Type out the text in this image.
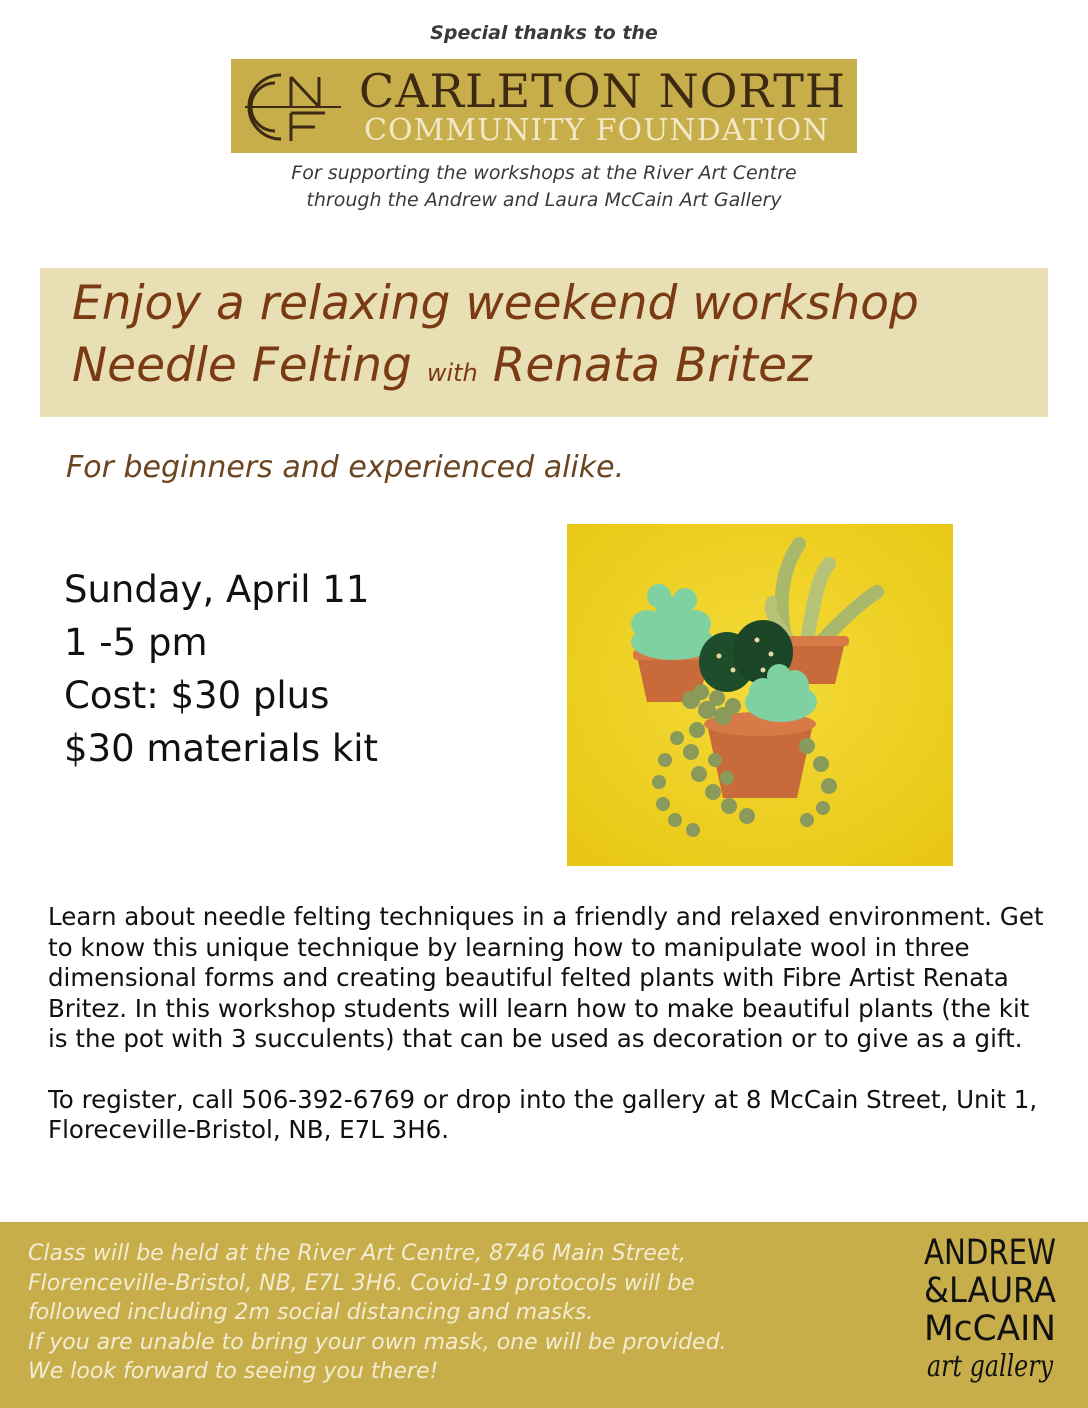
Special thanks to the
CARLETON NORTH
COMMUNITY FOUNDATION
For supporting the workshops at the River Art Centre
through the Andrew and Laura McCain Art Gallery
Enjoy a relaxing weekend workshop
Needle Felting with Renata Britez
For beginners and experienced alike.
Sunday, April 11
1 -5 pm
Cost: $30 plus
$30 materials kit

Learn about needle felting techniques in a friendly and relaxed environment. Get to know this unique technique by learning how to manipulate wool in three dimensional forms and creating beautiful felted plants with Fibre Artist Renata Britez. In this workshop students will learn how to make beautiful plants (the kit is the pot with 3 succulents) that can be used as decoration or to give as a gift.

To register, call 506-392-6769 or drop into the gallery at 8 McCain Street, Unit 1, Floreceville-Bristol, NB, E7L 3H6.

Class will be held at the River Art Centre, 8746 Main Street,
Florenceville-Bristol, NB, E7L 3H6. Covid-19 protocols will be
followed including 2m social distancing and masks.
If you are unable to bring your own mask, one will be provided.
We look forward to seeing you there!
ANDREW
&LAURA
McCAIN
art gallery
